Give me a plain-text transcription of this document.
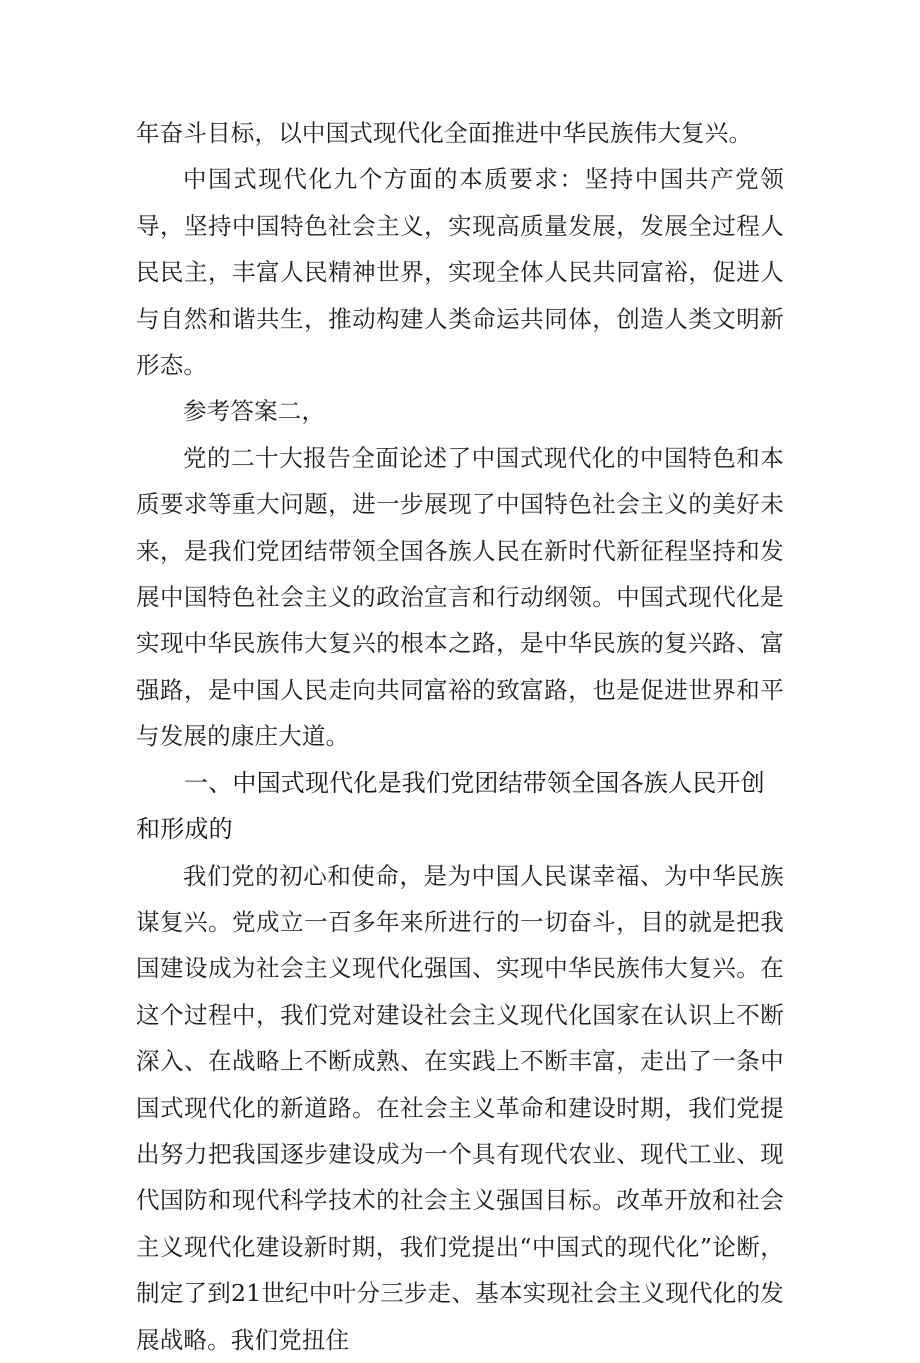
年奋斗目标，以中国式现代化全面推进中华民族伟大复兴。

中国式现代化九个方面的本质要求：坚持中国共产党领导，坚持中国特色社会主义，实现高质量发展，发展全过程人民民主，丰富人民精神世界，实现全体人民共同富裕，促进人与自然和谐共生，推动构建人类命运共同体，创造人类文明新形态。

参考答案二，

党的二十大报告全面论述了中国式现代化的中国特色和本质要求等重大问题，进一步展现了中国特色社会主义的美好未来，是我们党团结带领全国各族人民在新时代新征程坚持和发展中国特色社会主义的政治宣言和行动纲领。中国式现代化是实现中华民族伟大复兴的根本之路，是中华民族的复兴路、富强路，是中国人民走向共同富裕的致富路，也是促进世界和平与发展的康庄大道。

一、中国式现代化是我们党团结带领全国各族人民开创和形成的

我们党的初心和使命，是为中国人民谋幸福、为中华民族谋复兴。党成立一百多年来所进行的一切奋斗，目的就是把我国建设成为社会主义现代化强国、实现中华民族伟大复兴。在这个过程中，我们党对建设社会主义现代化国家在认识上不断深入、在战略上不断成熟、在实践上不断丰富，走出了一条中国式现代化的新道路。在社会主义革命和建设时期，我们党提出努力把我国逐步建设成为一个具有现代农业、现代工业、现代国防和现代科学技术的社会主义强国目标。改革开放和社会主义现代化建设新时期，我们党提出“中国式的现代化”论断，制定了到21世纪中叶分三步走、基本实现社会主义现代化的发展战略。我们党扭住
